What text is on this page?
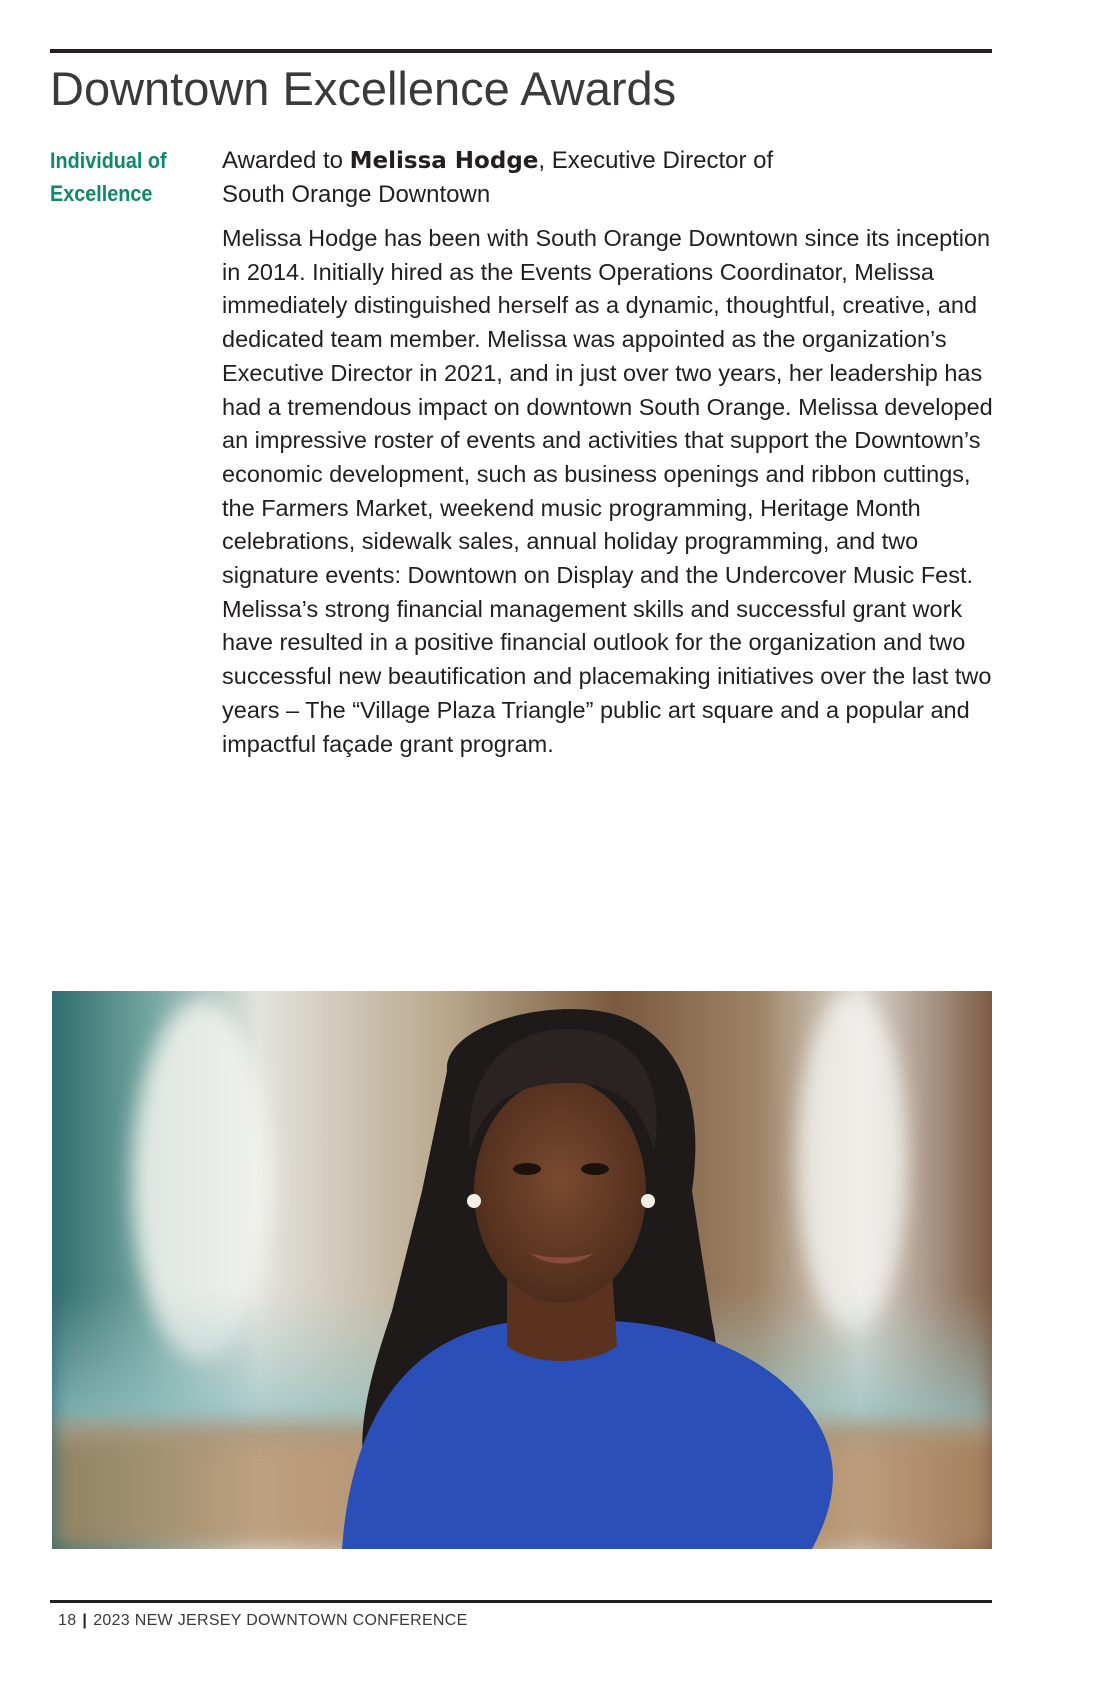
Downtown Excellence Awards
Individual of
Excellence
Awarded to Melissa Hodge, Executive Director of
South Orange Downtown

Melissa Hodge has been with South Orange Downtown since its inception in 2014. Initially hired as the Events Operations Coordinator, Melissa immediately distinguished herself as a dynamic, thoughtful, creative, and dedicated team member. Melissa was appointed as the organization’s Executive Director in 2021, and in just over two years, her leadership has had a tremendous impact on downtown South Orange. Melissa developed an impressive roster of events and activities that support the Downtown’s economic development, such as business openings and ribbon cuttings, the Farmers Market, weekend music programming, Heritage Month celebrations, sidewalk sales, annual holiday programming, and two signature events: Downtown on Display and the Undercover Music Fest. Melissa’s strong financial management skills and successful grant work have resulted in a positive financial outlook for the organization and two successful new beautification and placemaking initiatives over the last two years – The “Village Plaza Triangle” public art square and a popular and impactful façade grant program.

18 | 2023 NEW JERSEY DOWNTOWN CONFERENCE
